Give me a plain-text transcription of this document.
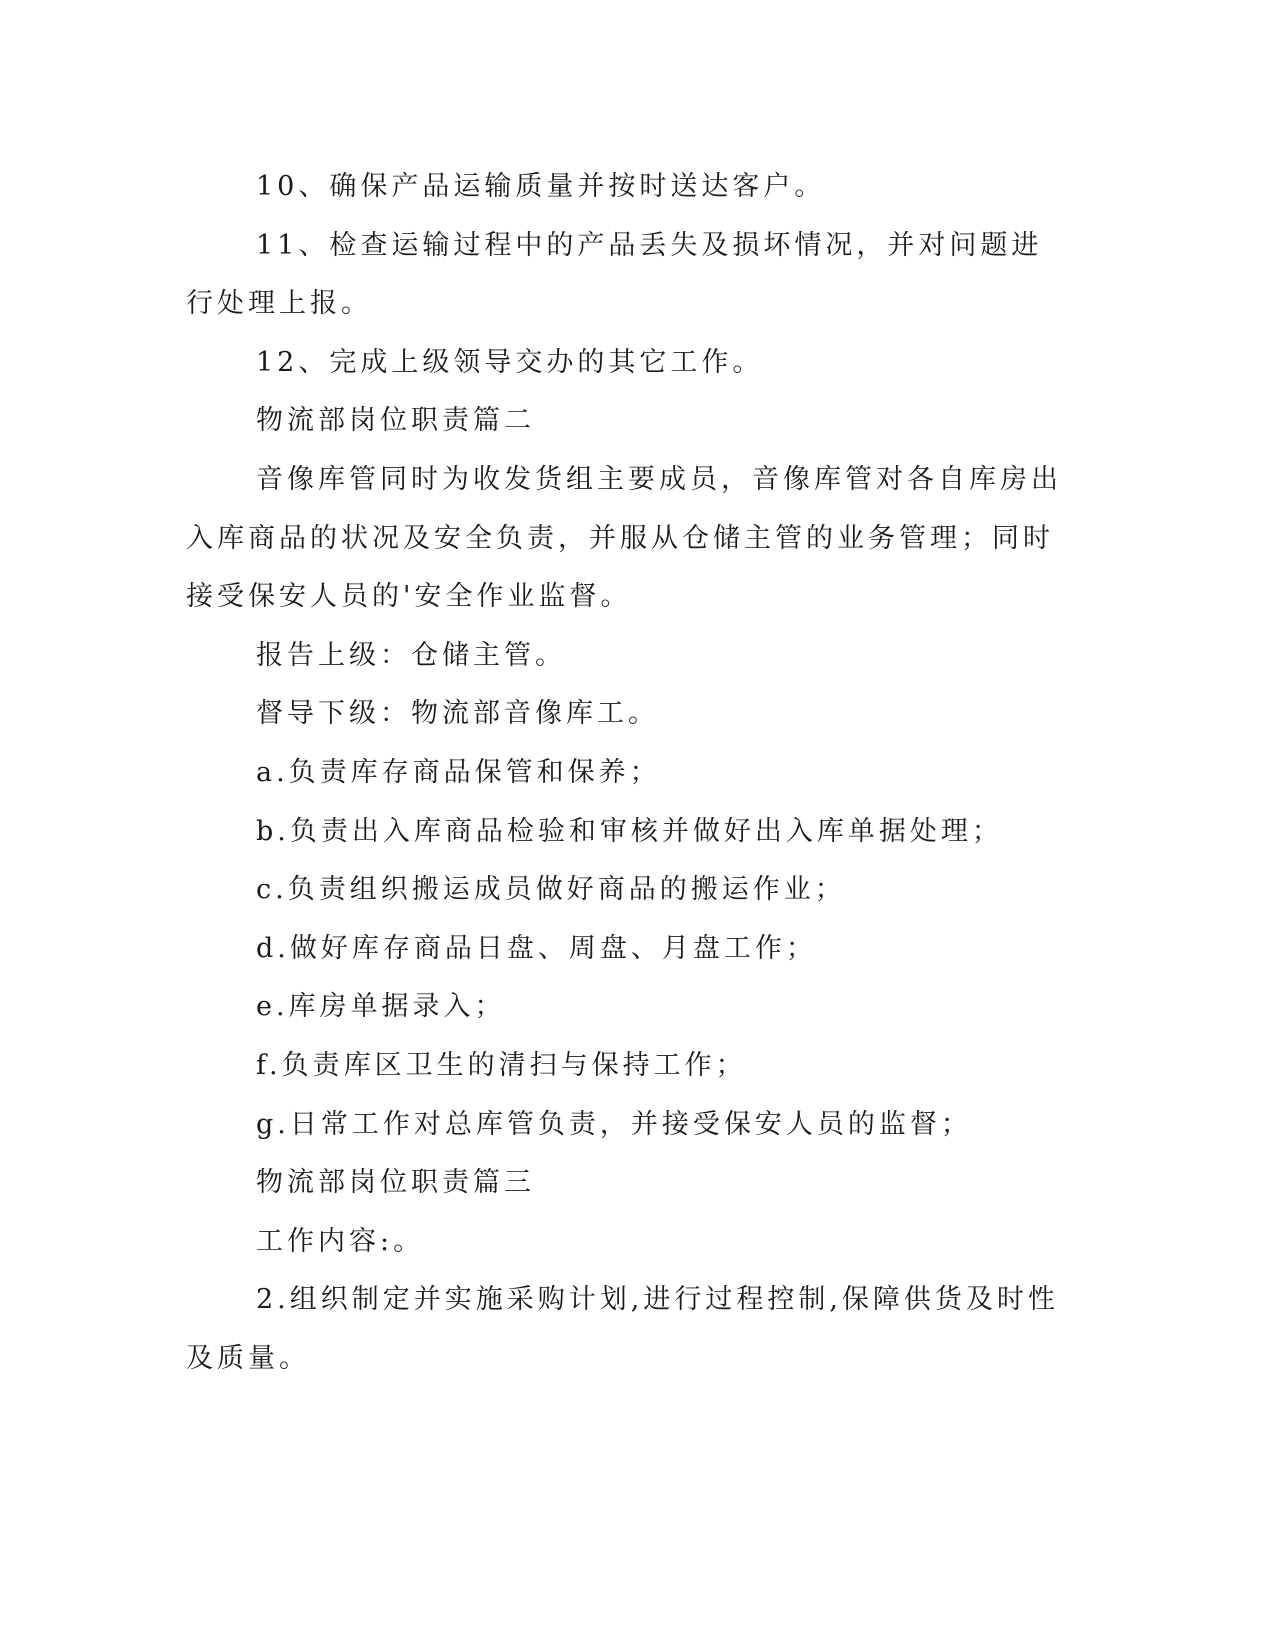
10、确保产品运输质量并按时送达客户。

11、检查运输过程中的产品丢失及损坏情况，并对问题进行处理上报。

12、完成上级领导交办的其它工作。

物流部岗位职责篇二

音像库管同时为收发货组主要成员，音像库管对各自库房出入库商品的状况及安全负责，并服从仓储主管的业务管理；同时接受保安人员的'安全作业监督。

报告上级：仓储主管。

督导下级：物流部音像库工。

a.负责库存商品保管和保养；

b.负责出入库商品检验和审核并做好出入库单据处理；

c.负责组织搬运成员做好商品的搬运作业；

d.做好库存商品日盘、周盘、月盘工作；

e.库房单据录入；

f.负责库区卫生的清扫与保持工作；

g.日常工作对总库管负责，并接受保安人员的监督；

物流部岗位职责篇三

工作内容:。

2.组织制定并实施采购计划,进行过程控制,保障供货及时性及质量。
